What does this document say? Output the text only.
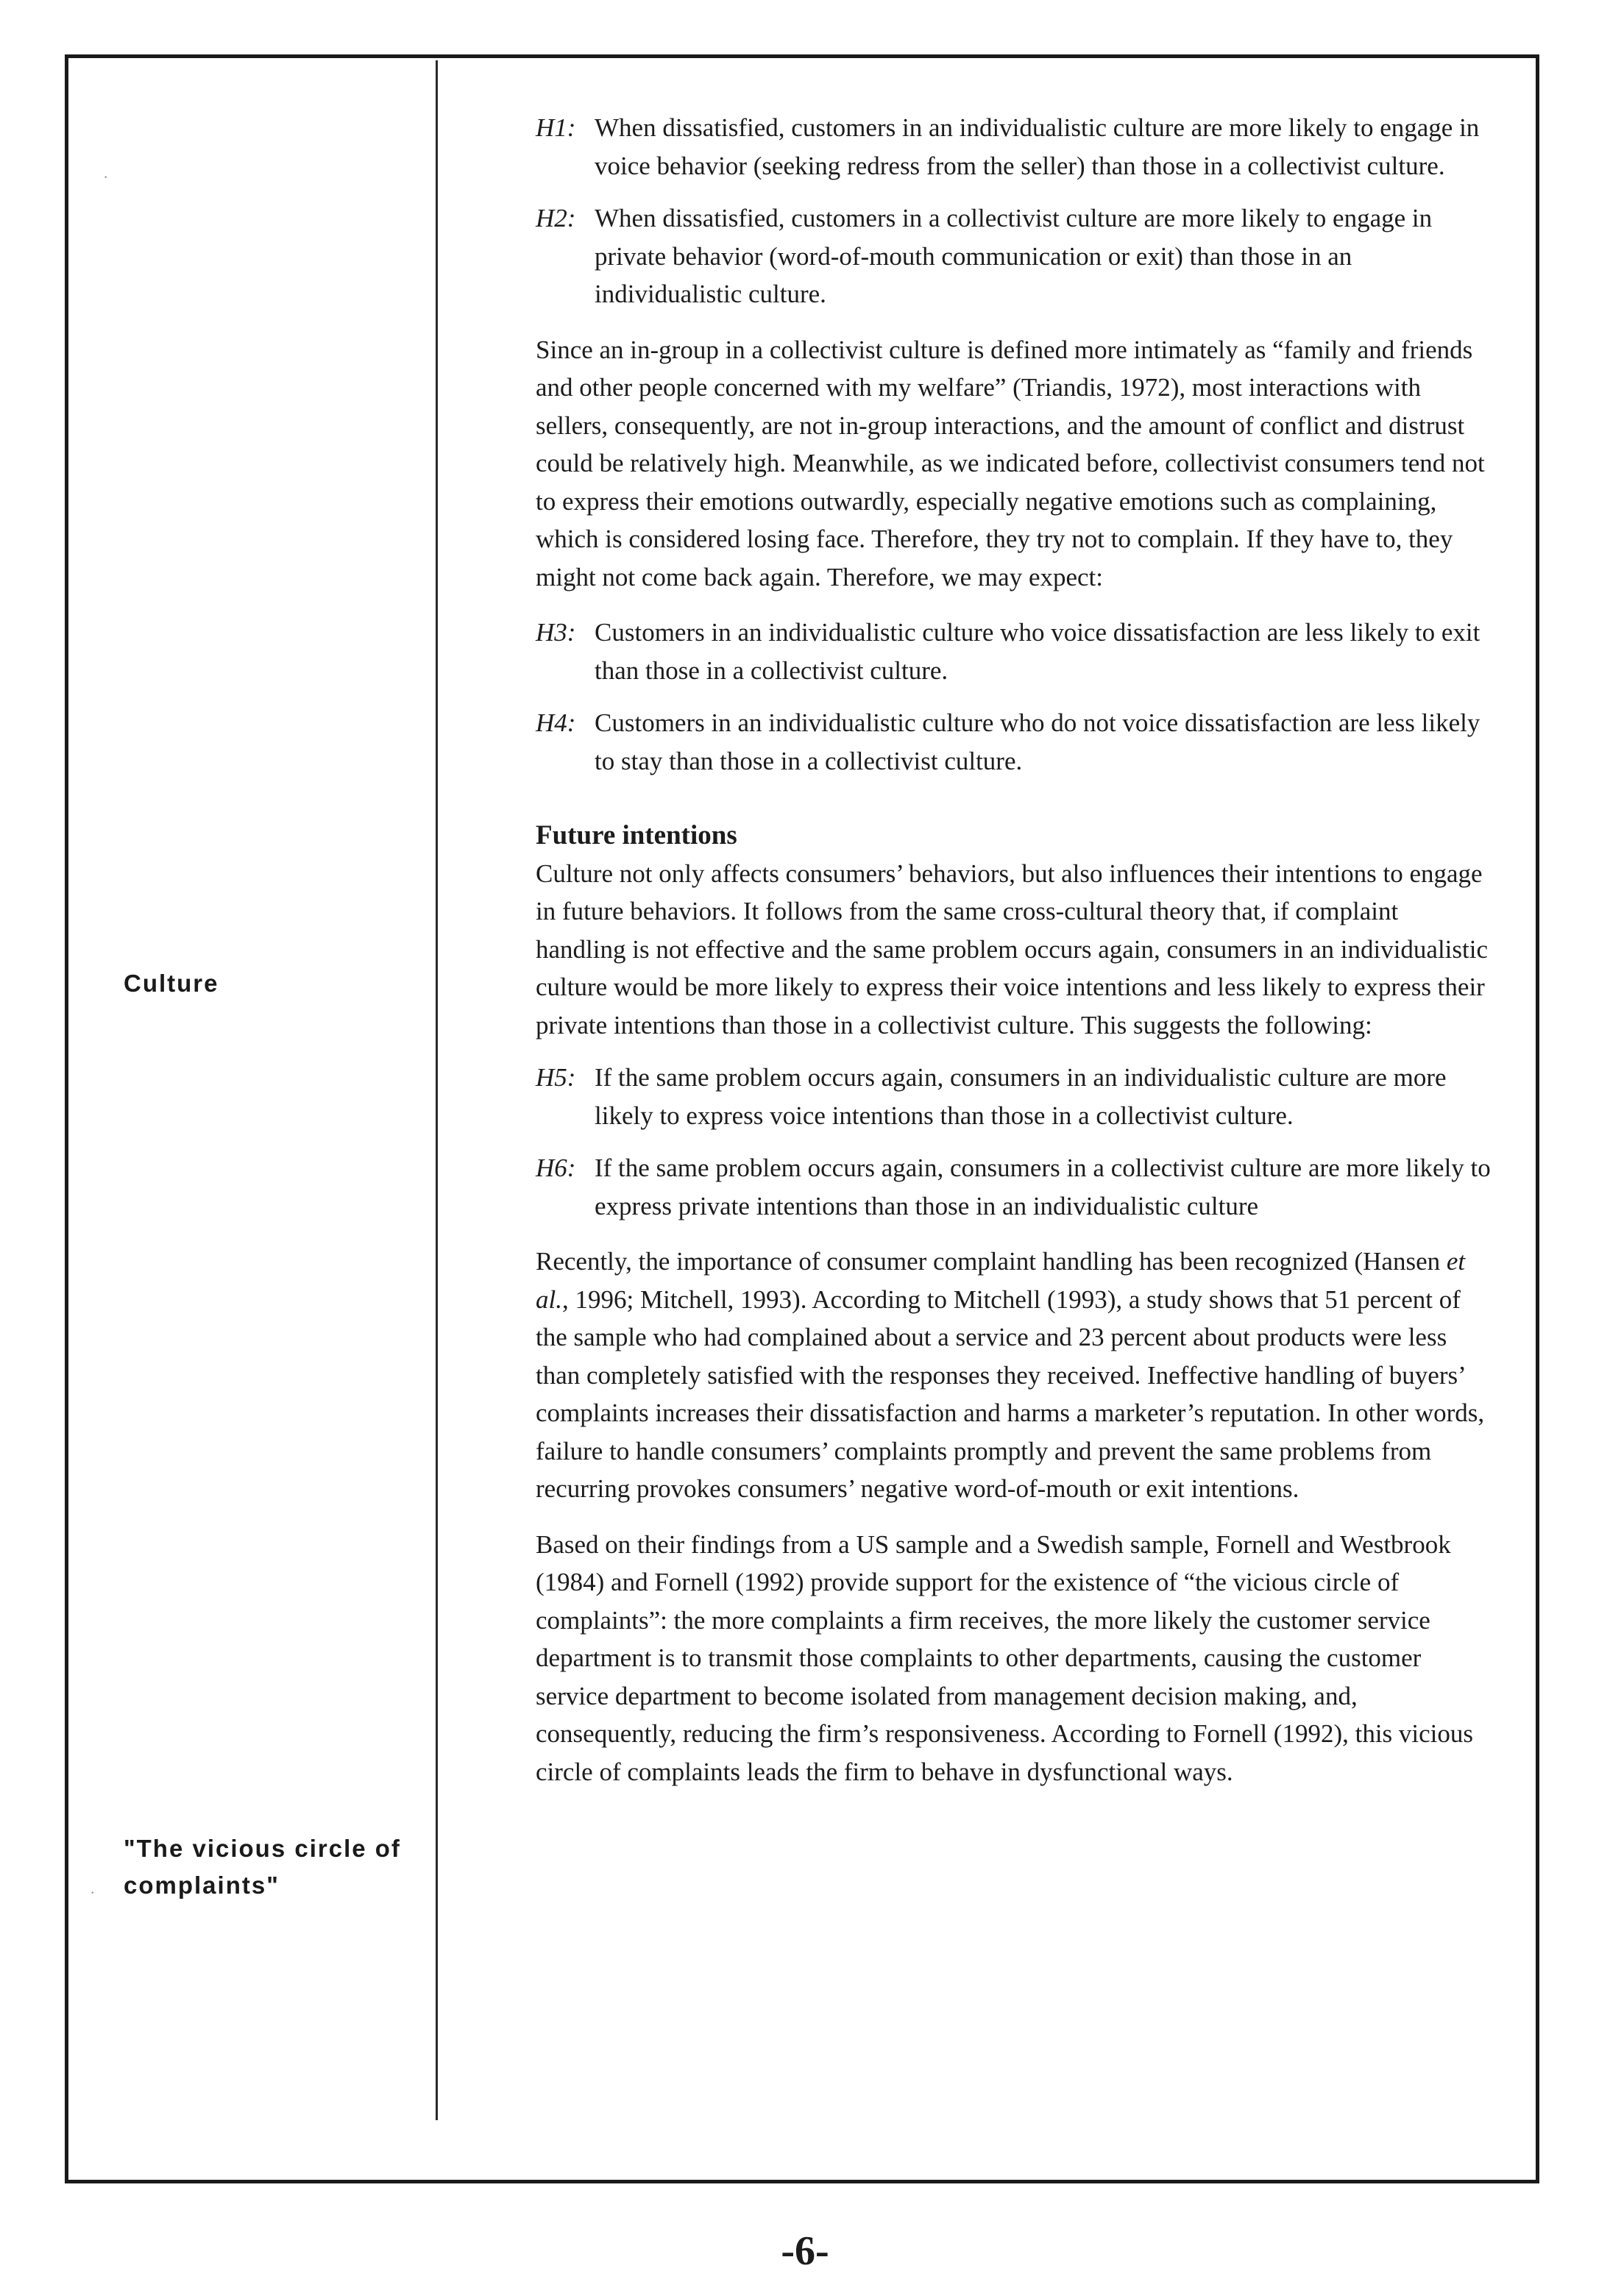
·
·
Culture
"The vicious circle of complaints"
H1: When dissatisfied, customers in an individualistic culture are more likely to engage in voice behavior (seeking redress from the seller) than those in a collectivist culture.
H2: When dissatisfied, customers in a collectivist culture are more likely to engage in private behavior (word-of-mouth communication or exit) than those in an individualistic culture.
Since an in-group in a collectivist culture is defined more intimately as “family and friends and other people concerned with my welfare” (Triandis, 1972), most interactions with sellers, consequently, are not in-group interactions, and the amount of conflict and distrust could be relatively high. Meanwhile, as we indicated before, collectivist consumers tend not to express their emotions outwardly, especially negative emotions such as complaining, which is considered losing face. Therefore, they try not to complain. If they have to, they might not come back again. Therefore, we may expect:
H3: Customers in an individualistic culture who voice dissatisfaction are less likely to exit than those in a collectivist culture.
H4: Customers in an individualistic culture who do not voice dissatisfaction are less likely to stay than those in a collectivist culture.
Future intentions
Culture not only affects consumers’ behaviors, but also influences their intentions to engage in future behaviors. It follows from the same cross-cultural theory that, if complaint handling is not effective and the same problem occurs again, consumers in an individualistic culture would be more likely to express their voice intentions and less likely to express their private intentions than those in a collectivist culture. This suggests the following:
H5: If the same problem occurs again, consumers in an individualistic culture are more likely to express voice intentions than those in a collectivist culture.
H6: If the same problem occurs again, consumers in a collectivist culture are more likely to express private intentions than those in an individualistic culture
Recently, the importance of consumer complaint handling has been recognized (Hansen et al., 1996; Mitchell, 1993). According to Mitchell (1993), a study shows that 51 percent of the sample who had complained about a service and 23 percent about products were less than completely satisfied with the responses they received. Ineffective handling of buyers’ complaints increases their dissatisfaction and harms a marketer’s reputation. In other words, failure to handle consumers’ complaints promptly and prevent the same problems from recurring provokes consumers’ negative word-of-mouth or exit intentions.
Based on their findings from a US sample and a Swedish sample, Fornell and Westbrook (1984) and Fornell (1992) provide support for the existence of “the vicious circle of complaints”: the more complaints a firm receives, the more likely the customer service department is to transmit those complaints to other departments, causing the customer service department to become isolated from management decision making, and, consequently, reducing the firm’s responsiveness. According to Fornell (1992), this vicious circle of complaints leads the firm to behave in dysfunctional ways.
-6-
